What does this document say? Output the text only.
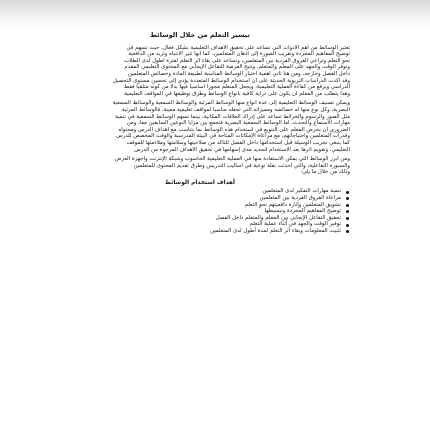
تيسير التعلم من خلال الوسائط
تعتبر الوسائط من أهم الأدوات التي تساعد على تحقيق الأهداف التعليمية بشكل فعال، حيث تسهم في
توضيح المفاهيم المجردة وتقريب الصورة إلى أذهان المتعلمين، كما أنها تثير الانتباه وتزيد من الدافعية
نحو التعلم وتراعي الفروق الفردية بين المتعلمين، وتساعد على بقاء أثر التعلم لفترة أطول لدى الطلاب
وتوفر الوقت والجهد على المعلم والمتعلم، وتتيح الفرصة للتفاعل الإيجابي مع المحتوى التعليمي المقدم
داخل الفصل وخارجه، ومن هنا تأتي أهمية اختيار الوسائط المناسبة لطبيعة المادة وخصائص المتعلمين
وقد أكدت الدراسات التربوية الحديثة على أن استخدام الوسائط المتعددة يؤدي إلى تحسين مستوى التحصيل
الدراسي ويرفع من كفاءة العملية التعليمية، ويجعل المتعلم محوراً أساسياً فيها بدلاً من كونه متلقياً فقط
وهذا يتطلب من المعلم أن يكون على دراية كافية بأنواع الوسائط وطرق توظيفها في المواقف التعليمية
ويمكن تصنيف الوسائط التعليمية إلى عدة أنواع منها الوسائط المرئية والوسائط السمعية والوسائط السمعية
البصرية، وكل نوع منها له خصائصه ومميزاته التي تجعله مناسباً لمواقف تعليمية معينة، فالوسائط المرئية
مثل الصور والرسوم والخرائط تساعد على إدراك العلاقات المكانية، بينما تسهم الوسائط السمعية في تنمية
مهارات الاستماع والتحدث، أما الوسائط السمعية البصرية فتجمع بين مزايا النوعين السابقين معاً، ومن
الضروري أن يحرص المعلم على التنويع في استخدام هذه الوسائط بما يتناسب مع أهداف الدرس ومحتواه
وقدرات المتعلمين واحتياجاتهم، مع مراعاة الإمكانات المتاحة في البيئة المدرسية والوقت المخصص للدرس
كما ينبغي تجريب الوسيلة قبل استخدامها داخل الفصل للتأكد من صلاحيتها وسلامتها وملاءمتها للموقف
التعليمي، وتقويم أثرها بعد الاستخدام لتحديد مدى إسهامها في تحقيق الأهداف المرجوة من الدرس
ومن أبرز الوسائط التي يمكن الاستفادة منها في العملية التعليمية الحاسوب وشبكة الإنترنت وأجهزة العرض
والسبورة التفاعلية، والتي أحدثت نقلة نوعية في أساليب التدريس وطرق تقديم المحتوى للمتعلمين
وذلك من خلال ما يلي:
أهداف استخدام الوسائط
تنمية مهارات التفكير لدى المتعلمين
مراعاة الفروق الفردية بين المتعلمين
تشويق المتعلمين وإثارة دافعيتهم نحو التعلم
توضيح المفاهيم المجردة وتبسيطها
تحقيق التفاعل الإيجابي بين المعلم والمتعلم داخل الفصل
توفير الوقت والجهد في أثناء عملية التعلم
تثبيت المعلومات وبقاء أثر التعلم لمدة أطول لدى المتعلمين
